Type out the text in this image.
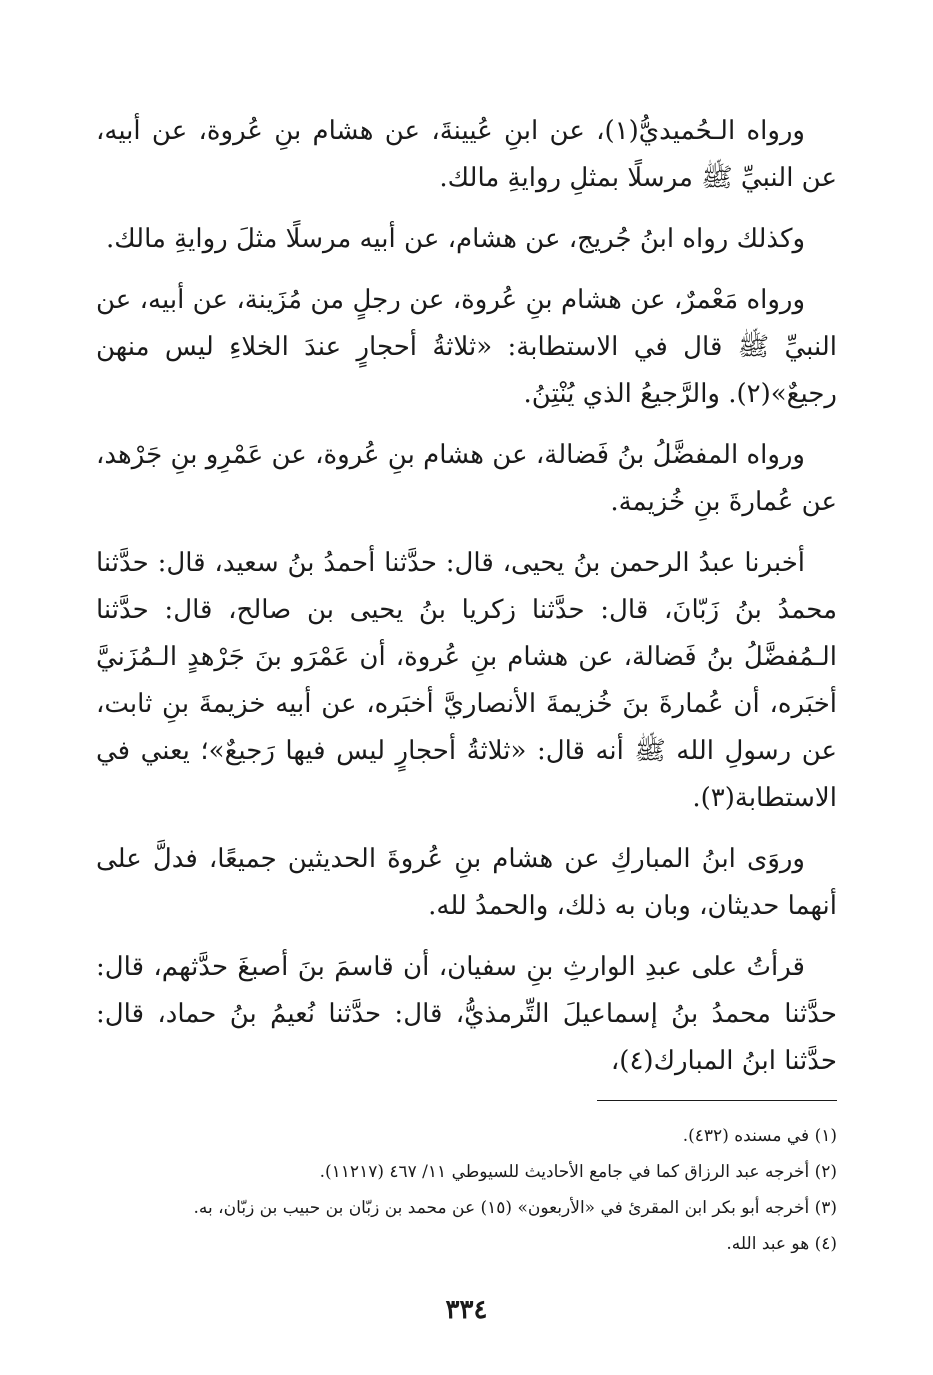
ورواه الـحُميديُّ(١)، عن ابنِ عُيينةَ، عن هشام بنِ عُروة، عن أبيه، عن النبيِّ ﷺ مرسلًا بمثلِ روايةِ مالك.

وكذلك رواه ابنُ جُريج، عن هشام، عن أبيه مرسلًا مثلَ روايةِ مالك.

ورواه مَعْمرٌ، عن هشام بنِ عُروة، عن رجلٍ من مُزَينة، عن أبيه، عن النبيِّ ﷺ قال في الاستطابة: «ثلاثةُ أحجارٍ عندَ الخلاءِ ليس منهن رجيعٌ»(٢). والرَّجيعُ الذي يُنْتِنُ.

ورواه المفضَّلُ بنُ فَضالة، عن هشام بنِ عُروة، عن عَمْرِو بنِ جَرْهد، عن عُمارةَ بنِ خُزيمة.

أخبرنا عبدُ الرحمن بنُ يحيى، قال: حدَّثنا أحمدُ بنُ سعيد، قال: حدَّثنا محمدُ بنُ زَبّانَ، قال: حدَّثنا زكريا بنُ يحيى بن صالح، قال: حدَّثنا الـمُفضَّلُ بنُ فَضالة، عن هشام بنِ عُروة، أن عَمْرَو بنَ جَرْهدٍ الـمُزَنيَّ أخبَره، أن عُمارةَ بنَ خُزيمةَ الأنصاريَّ أخبَره، عن أبيه خزيمةَ بنِ ثابت، عن رسولِ الله ﷺ أنه قال: «ثلاثةُ أحجارٍ ليس فيها رَجيعٌ»؛ يعني في الاستطابة(٣).

وروَى ابنُ المباركِ عن هشام بنِ عُروةَ الحديثين جميعًا، فدلَّ على أنهما حديثان، وبان به ذلك، والحمدُ لله.

قرأتُ على عبدِ الوارثِ بنِ سفيان، أن قاسمَ بنَ أصبغَ حدَّثهم، قال: حدَّثنا محمدُ بنُ إسماعيلَ التِّرمذيُّ، قال: حدَّثنا نُعيمُ بنُ حماد، قال: حدَّثنا ابنُ المبارك(٤)،

(١) في مسنده (٤٣٢).

(٢) أخرجه عبد الرزاق كما في جامع الأحاديث للسيوطي ١١/ ٤٦٧ (١١٢١٧).

(٣) أخرجه أبو بكر ابن المقرئ في «الأربعون» (١٥) عن محمد بن زبّان بن حبيب بن زبّان، به.

(٤) هو عبد الله.

٣٣٤
